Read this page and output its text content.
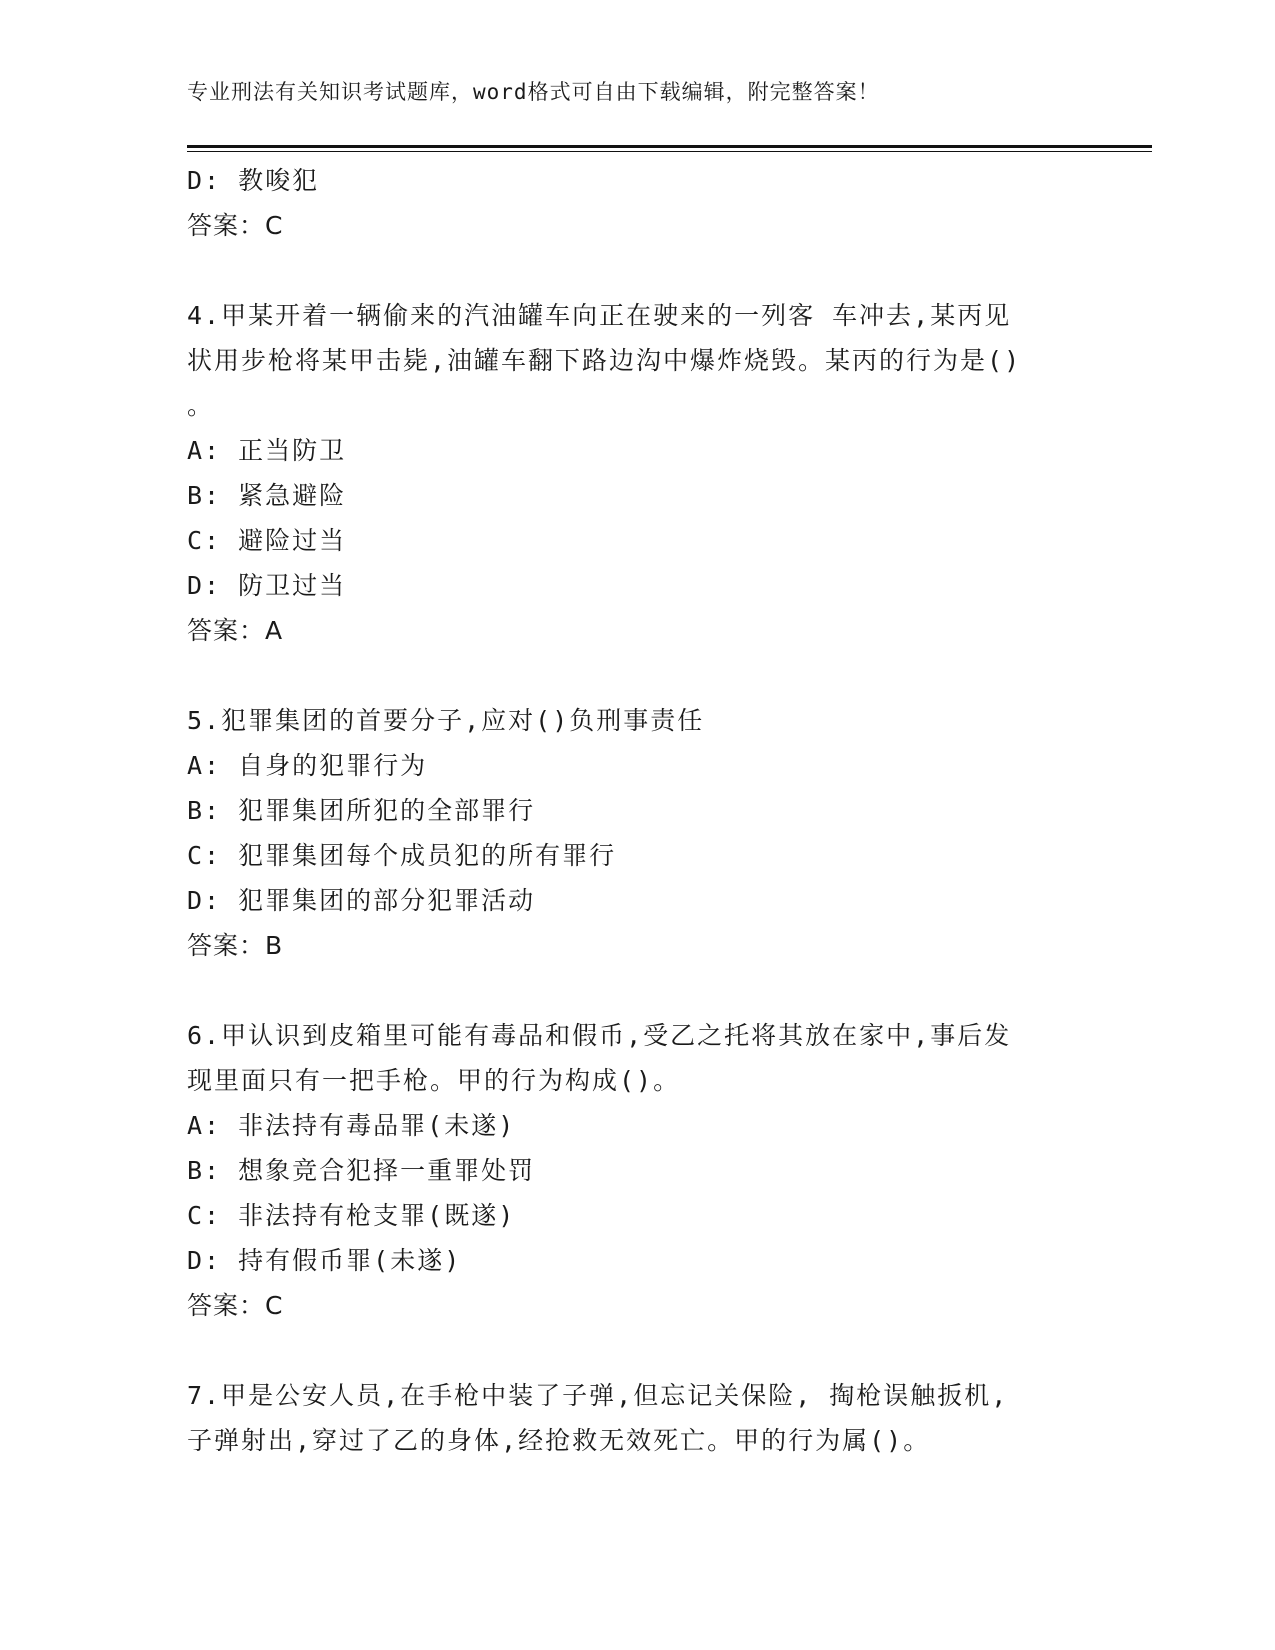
专业刑法有关知识考试题库，word格式可自由下载编辑，附完整答案！
D: 教唆犯
答案：C
4.甲某开着一辆偷来的汽油罐车向正在驶来的一列客 车冲去,某丙见
状用步枪将某甲击毙,油罐车翻下路边沟中爆炸烧毁。某丙的行为是()
。
A: 正当防卫
B: 紧急避险
C: 避险过当
D: 防卫过当
答案：A
5.犯罪集团的首要分子,应对()负刑事责任
A: 自身的犯罪行为
B: 犯罪集团所犯的全部罪行
C: 犯罪集团每个成员犯的所有罪行
D: 犯罪集团的部分犯罪活动
答案：B
6.甲认识到皮箱里可能有毒品和假币,受乙之托将其放在家中,事后发
现里面只有一把手枪。甲的行为构成()。
A: 非法持有毒品罪(未遂)
B: 想象竞合犯择一重罪处罚
C: 非法持有枪支罪(既遂)
D: 持有假币罪(未遂)
答案：C
7.甲是公安人员,在手枪中装了子弹,但忘记关保险, 掏枪误触扳机,
子弹射出,穿过了乙的身体,经抢救无效死亡。甲的行为属()。
